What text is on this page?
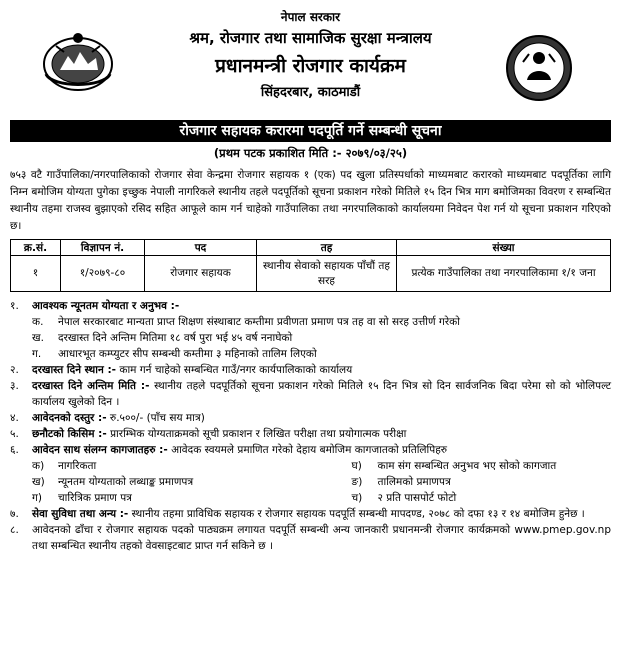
नेपाल सरकार
श्रम, रोजगार तथा सामाजिक सुरक्षा मन्त्रालय
प्रधानमन्त्री रोजगार कार्यक्रम
सिंहदरबार, काठमाडौं
रोजगार सहायक करारमा पदपूर्ति गर्ने सम्बन्धी सूचना
(प्रथम पटक प्रकाशित मिति :- २०७९/०३/२५)

७५३ वटै गाउँपालिका/नगरपालिकाको रोजगार सेवा केन्द्रमा रोजगार सहायक १ (एक) पद खुला प्रतिस्पर्धाको माध्यमबाट करारको माध्यमबाट पदपूर्तिका लागि निम्न बमोजिम योग्यता पुगेका इच्छुक नेपाली नागरिकले स्थानीय तहले पदपूर्तिको सूचना प्रकाशन गरेको मितिले १५ दिन भित्र माग बमोजिमका विवरण र सम्बन्धित स्थानीय तहमा राजस्व बुझाएको रसिद सहित आफूले काम गर्न चाहेको गाउँपालिका तथा नगरपालिकाको कार्यालयमा निवेदन पेश गर्न यो सूचना प्रकाशन गरिएको छ।

क्र.सं.	विज्ञापन नं.	पद	तह	संख्या
१	१/२०७९-८०	रोजगार सहायक	स्थानीय सेवाको सहायक पाँचौं तह सरह	प्रत्येक गाउँपालिका तथा नगरपालिकामा १/१ जना
१.	आवश्यक न्यूनतम योग्यता र अनुभव :-
क.	नेपाल सरकारबाट मान्यता प्राप्त शिक्षण संस्थाबाट कम्तीमा प्रवीणता प्रमाण पत्र तह वा सो सरह उत्तीर्ण गरेको
ख.	दरखास्त दिने अन्तिम मितिमा १८ वर्ष पुरा भई ४५ वर्ष ननाघेको
ग.	आधारभूत कम्प्युटर सीप सम्बन्धी कम्तीमा ३ महिनाको तालिम लिएको
२.	दरखास्त दिने स्थान :- काम गर्न चाहेको सम्बन्धित गाउँ/नगर कार्यपालिकाको कार्यालय
३.	दरखास्त दिने अन्तिम मिति :- स्थानीय तहले पदपूर्तिको सूचना प्रकाशन गरेको मितिले १५ दिन भित्र सो दिन सार्वजनिक बिदा परेमा सो को भोलिपल्ट कार्यालय खुलेको दिन ।
४.	आवेदनको दस्तुर :- रु.५००/- (पाँच सय मात्र)
५.	छनौटको किसिम :- प्रारम्भिक योग्यताक्रमको सूची प्रकाशन र लिखित परीक्षा तथा प्रयोगात्मक परीक्षा
६.	आवेदन साथ संलग्न कागजातहरु :- आवेदक स्वयमले प्रमाणित गरेको देहाय बमोजिम कागजातको प्रतिलिपिहरु
क)	नागरिकता	घ)	काम संग सम्बन्धित अनुभव भए सोको कागजात
ख)	न्यूनतम योग्यताको लब्धाङ्क प्रमाणपत्र	ङ)	तालिमको प्रमाणपत्र
ग)	चारित्रिक प्रमाण पत्र	च)	२ प्रति पासपोर्ट फोटो
७.	सेवा सुविधा तथा अन्य :- स्थानीय तहमा प्राविधिक सहायक र रोजगार सहायक पदपूर्ति सम्बन्धी मापदण्ड, २०७८ को दफा १३ र १४ बमोजिम हुनेछ ।
८.	आवेदनको ढाँचा र रोजगार सहायक पदको पाठ्यक्रम लगायत पदपूर्ति सम्बन्धी अन्य जानकारी प्रधानमन्त्री रोजगार कार्यक्रमको www.pmep.gov.np तथा सम्बन्धित स्थानीय तहको वेवसाइटबाट प्राप्त गर्न सकिने छ ।
